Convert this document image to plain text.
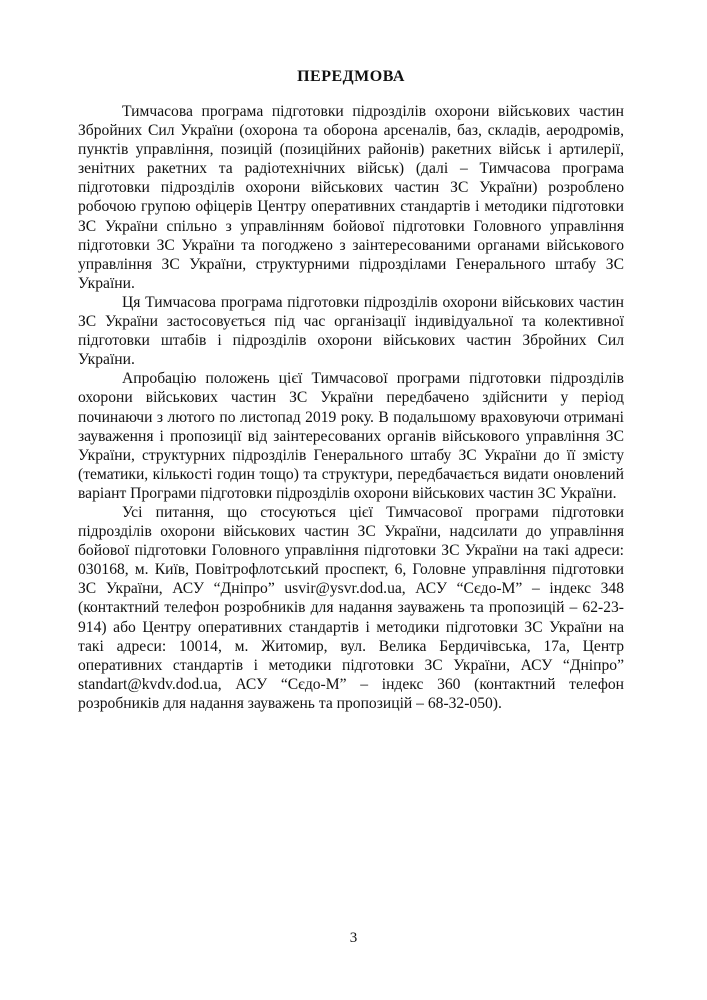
ПЕРЕДМОВА

Тимчасова програма підготовки підрозділів охорони військових частин Збройних Сил України (охорона та оборона арсеналів, баз, складів, аеродромів, пунктів управління, позицій (позиційних районів) ракетних військ і артилерії, зенітних ракетних та радіотехнічних військ) (далі – Тимчасова програма підготовки підрозділів охорони військових частин ЗС України) розроблено робочою групою офіцерів Центру оперативних стандартів і методики підготовки ЗС України спільно з управлінням бойової підготовки Головного управління підготовки ЗС України та погоджено з заінтересованими органами військового управління ЗС України, структурними підрозділами Генерального штабу ЗС України.

Ця Тимчасова програма підготовки підрозділів охорони військових частин ЗС України застосовується під час організації індивідуальної та колективної підготовки штабів і підрозділів охорони військових частин Збройних Сил України.

Апробацію положень цієї Тимчасової програми підготовки підрозділів охорони військових частин ЗС України передбачено здійснити у період починаючи з лютого по листопад 2019 року. В подальшому враховуючи отримані зауваження і пропозиції від заінтересованих органів військового управління ЗС України, структурних підрозділів Генерального штабу ЗС України до її змісту (тематики, кількості годин тощо) та структури, передбачається видати оновлений варіант Програми підготовки підрозділів охорони військових частин ЗС України.

Усі питання, що стосуються цієї Тимчасової програми підготовки підрозділів охорони військових частин ЗС України, надсилати до управління бойової підготовки Головного управління підготовки ЗС України на такі адреси: 030168, м. Київ, Повітрофлотський проспект, 6, Головне управління підготовки ЗС України, АСУ “Дніпро” usvir@ysvr.dod.ua, АСУ “Сєдо-М” – індекс 348 (контактний телефон розробників для надання зауважень та пропозицій – 62-23-914) або Центру оперативних стандартів і методики підготовки ЗС України на такі адреси: 10014, м. Житомир, вул. Велика Бердичівська, 17а, Центр оперативних стандартів і методики підготовки ЗС України, АСУ “Дніпро” standart@kvdv.dod.ua, АСУ “Сєдо-М” – індекс 360 (контактний телефон розробників для надання зауважень та пропозицій – 68-32-050).

3
